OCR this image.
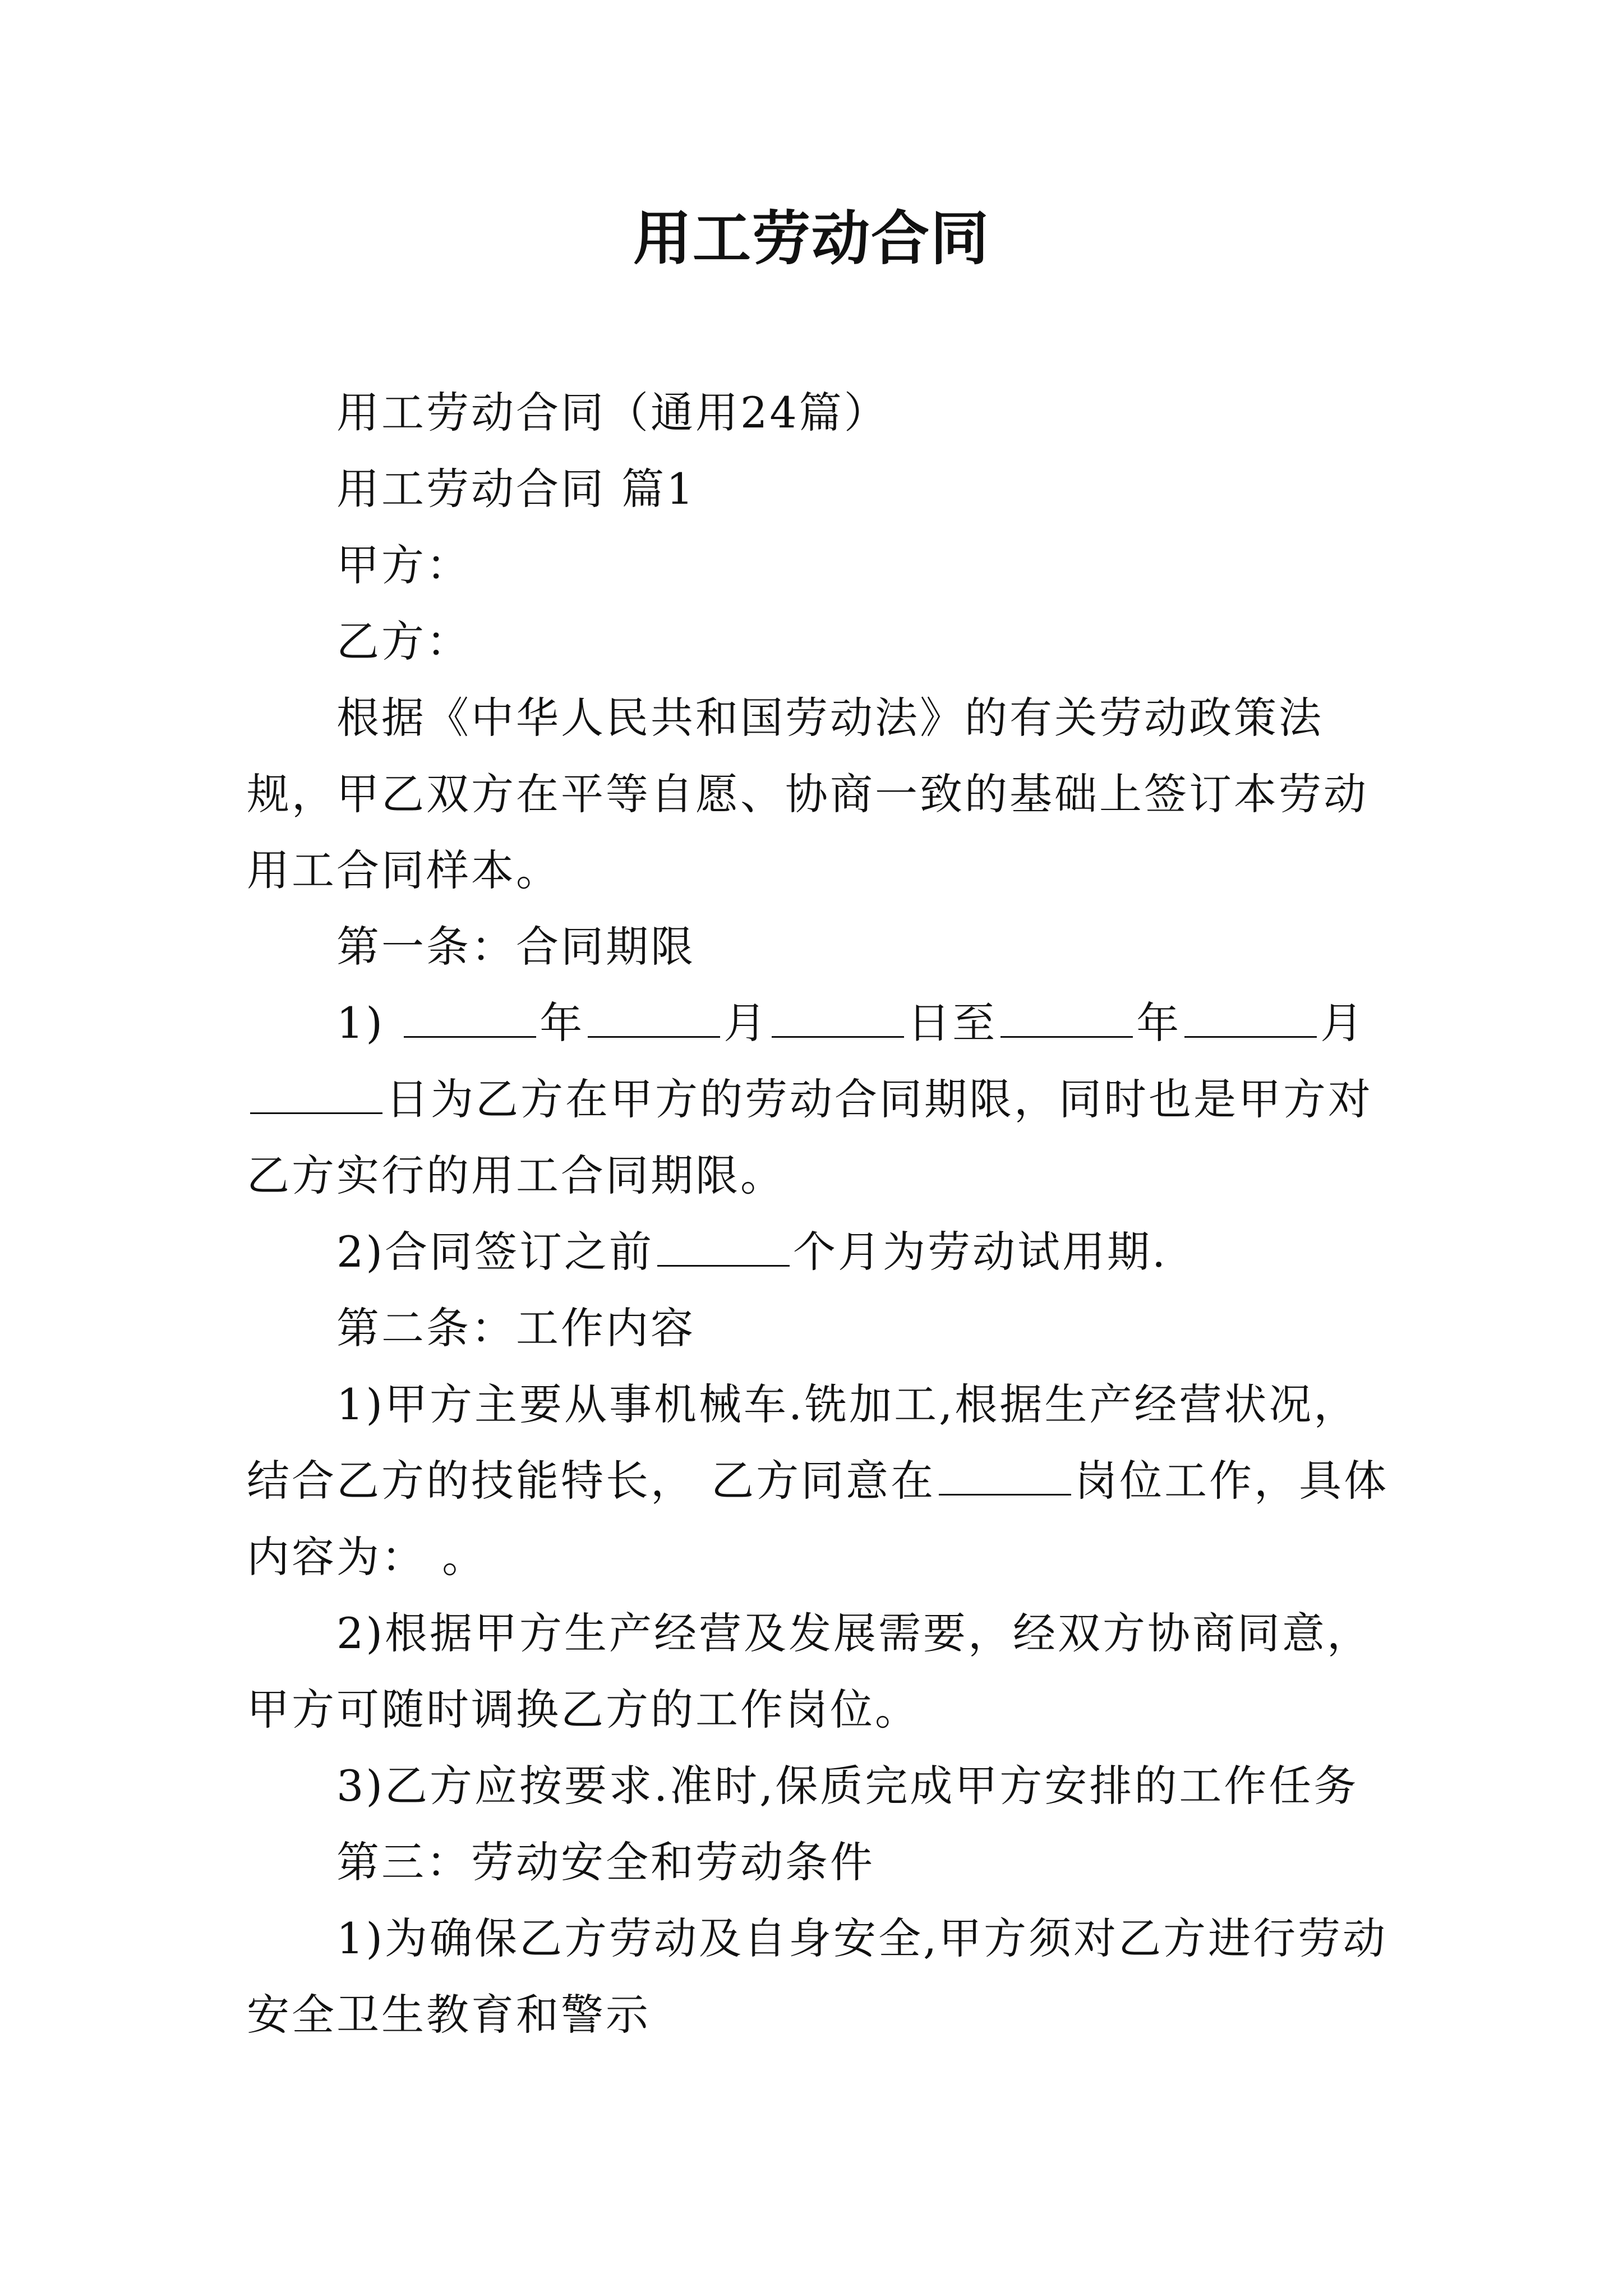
用工劳动合同

用工劳动合同（通用24篇）

用工劳动合同 篇1

甲方：

乙方：

根据《中华人民共和国劳动法》的有关劳动政策法规，甲乙双方在平等自愿、协商一致的基础上签订本劳动用工合同样本。

第一条：合同期限

1)	年	月	日至	年	月日为乙方在甲方的劳动合同期限，同时也是甲方对乙方实行的用工合同期限。

2)合同签订之前	个月为劳动试用期.

第二条：工作内容

1)甲方主要从事机械车.铣加工,根据生产经营状况，结合乙方的技能特长， 乙方同意在	岗位工作，具体内容为： 。

2)根据甲方生产经营及发展需要，经双方协商同意，甲方可随时调换乙方的工作岗位。

3)乙方应按要求.准时,保质完成甲方安排的工作任务

第三：劳动安全和劳动条件

1)为确保乙方劳动及自身安全,甲方须对乙方进行劳动安全卫生教育和警示
